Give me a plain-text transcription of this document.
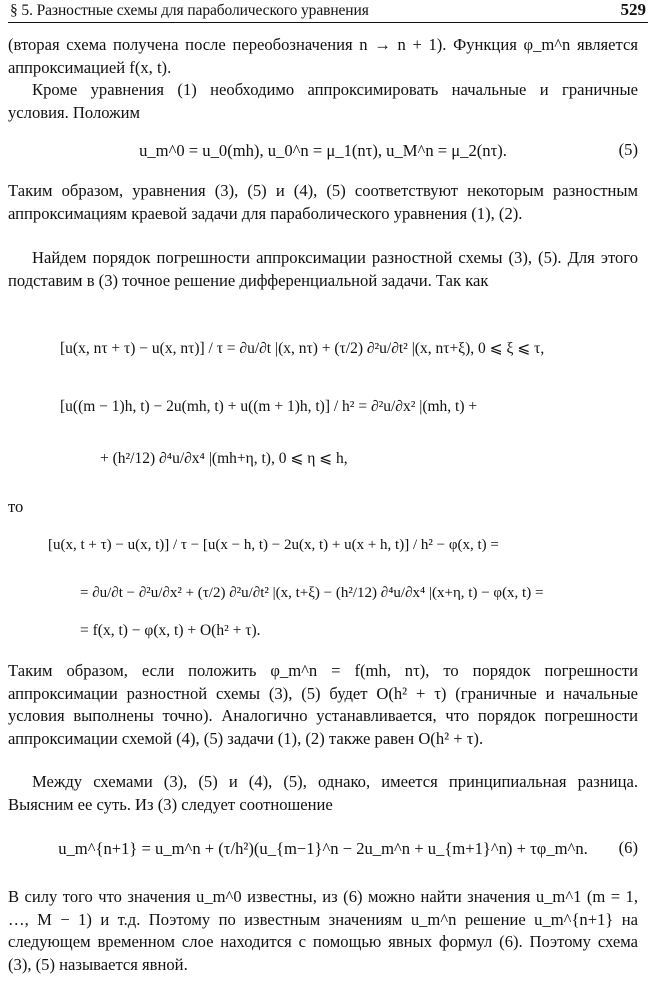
§ 5. Разностные схемы для параболического уравнения	529

(вторая схема получена после переобозначения n → n + 1). Функция φ_m^n является аппроксимацией f(x, t).

Кроме уравнения (1) необходимо аппроксимировать начальные и граничные условия. Положим

u_m^0 = u_0(mh), u_0^n = μ_1(nτ), u_M^n = μ_2(nτ).	(5)

Таким образом, уравнения (3), (5) и (4), (5) соответствуют некоторым разностным аппроксимациям краевой задачи для параболического уравнения (1), (2).

Найдем порядок погрешности аппроксимации разностной схемы (3), (5). Для этого подставим в (3) точное решение дифференциальной задачи. Так как

[u(x, nτ + τ) − u(x, nτ)] / τ = ∂u/∂t |(x, nτ) + (τ/2) ∂²u/∂t² |(x, nτ+ξ), 0 ⩽ ξ ⩽ τ,
[u((m − 1)h, t) − 2u(mh, t) + u((m + 1)h, t)] / h² = ∂²u/∂x² |(mh, t) +
+ (h²/12) ∂⁴u/∂x⁴ |(mh+η, t), 0 ⩽ η ⩽ h,

то

[u(x, t + τ) − u(x, t)] / τ − [u(x − h, t) − 2u(x, t) + u(x + h, t)] / h² − φ(x, t) =
= ∂u/∂t − ∂²u/∂x² + (τ/2) ∂²u/∂t² |(x, t+ξ) − (h²/12) ∂⁴u/∂x⁴ |(x+η, t) − φ(x, t) =
= f(x, t) − φ(x, t) + O(h² + τ).

Таким образом, если положить φ_m^n = f(mh, nτ), то порядок погрешности аппроксимации разностной схемы (3), (5) будет O(h² + τ) (граничные и начальные условия выполнены точно). Аналогично устанавливается, что порядок погрешности аппроксимации схемой (4), (5) задачи (1), (2) также равен O(h² + τ).

Между схемами (3), (5) и (4), (5), однако, имеется принципиальная разница. Выясним ее суть. Из (3) следует соотношение

u_m^{n+1} = u_m^n + (τ/h²)(u_{m−1}^n − 2u_m^n + u_{m+1}^n) + τφ_m^n.	(6)

В силу того что значения u_m^0 известны, из (6) можно найти значения u_m^1 (m = 1, …, M − 1) и т.д. Поэтому по известным значениям u_m^n решение u_m^{n+1} на следующем временном слое находится с помощью явных формул (6). Поэтому схема (3), (5) называется явной.
